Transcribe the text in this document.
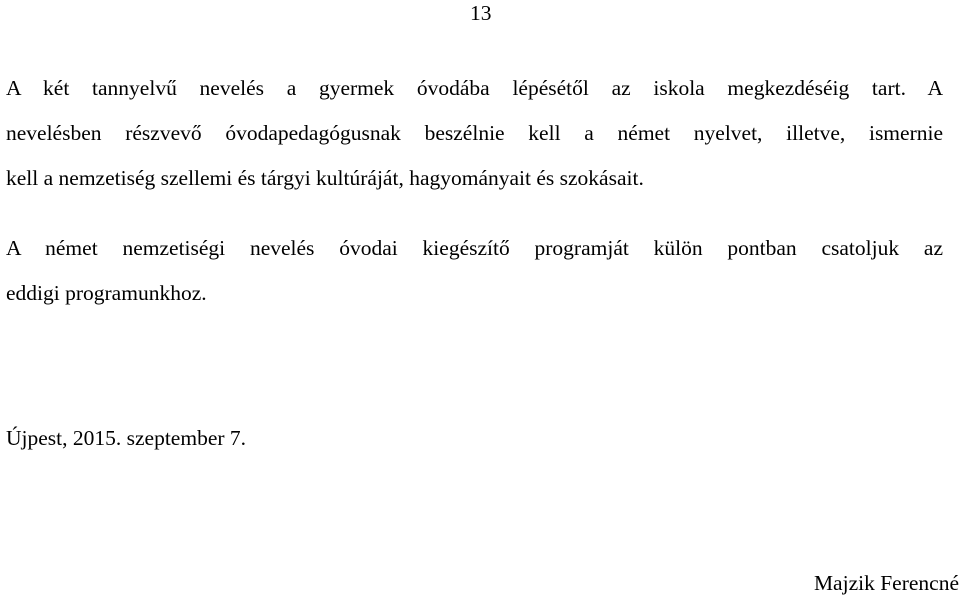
13

A két tannyelvű nevelés a gyermek óvodába lépésétől az iskola megkezdéséig tart. A
nevelésben részvevő óvodapedagógusnak beszélnie kell a német nyelvet, illetve, ismernie
kell a nemzetiség szellemi és tárgyi kultúráját, hagyományait és szokásait.

A német nemzetiségi nevelés óvodai kiegészítő programját külön pontban csatoljuk az
eddigi programunkhoz.

Újpest, 2015. szeptember 7.
Majzik Ferencné
